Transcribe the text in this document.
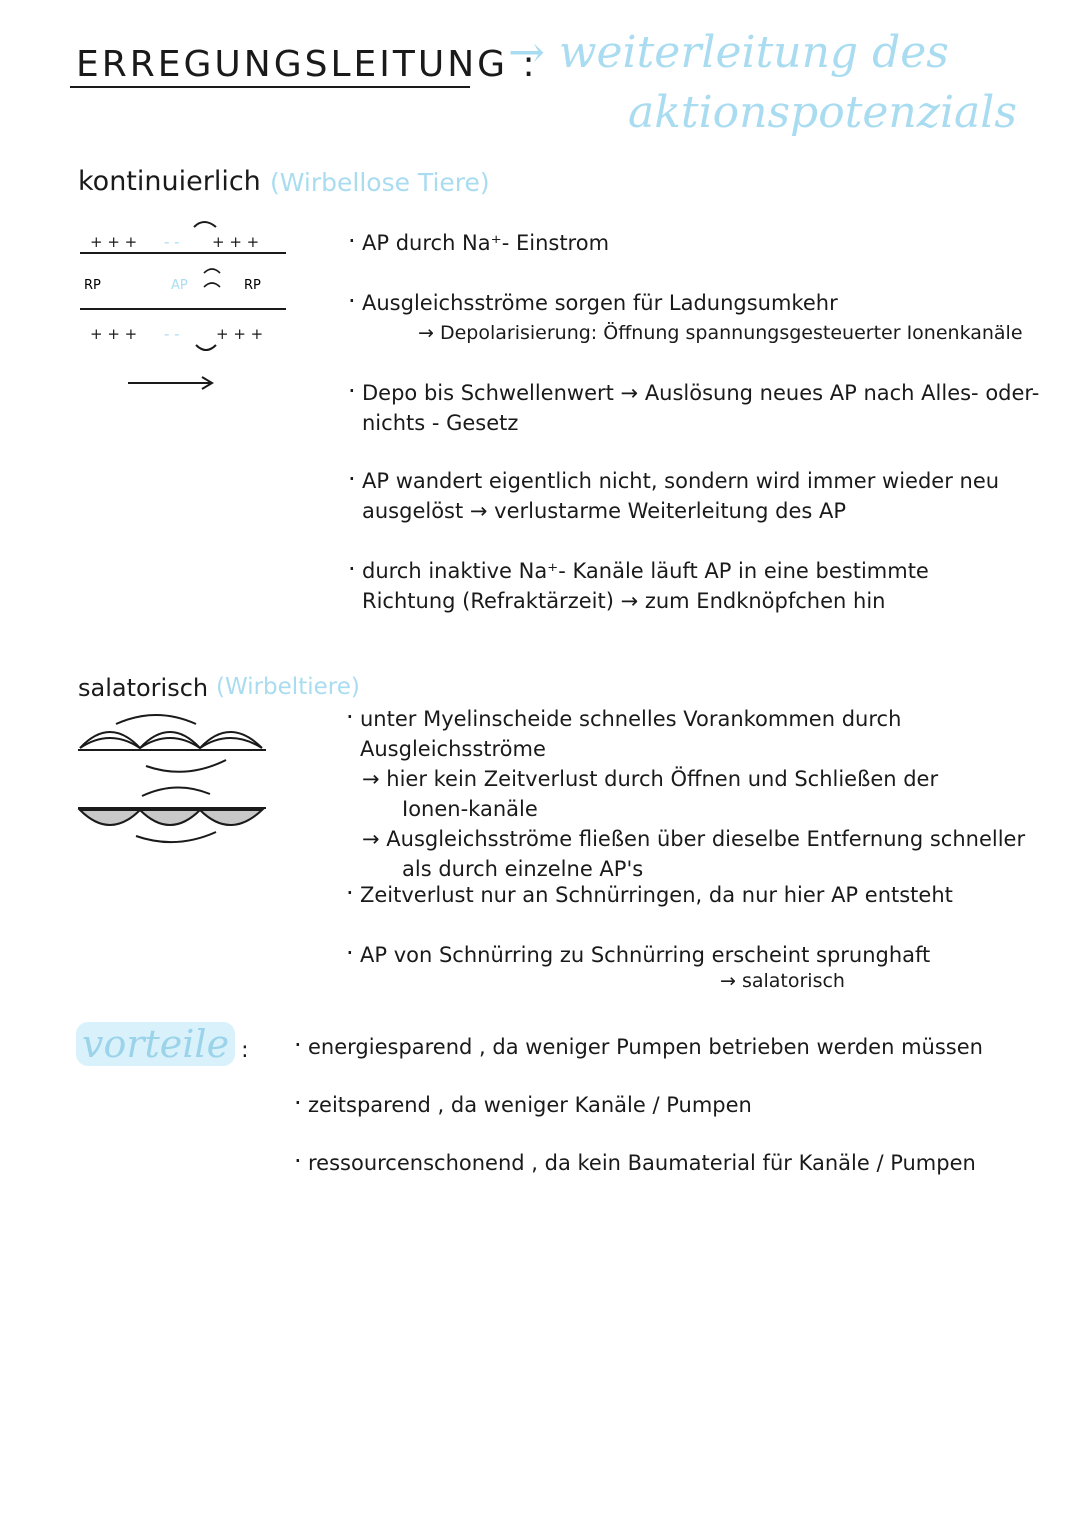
ERREGUNGSLEITUNG :
→ weiterleitung des
aktionspotenzials
kontinuierlich (Wirbellose Tiere)
+ + + - - + + +
+ + + - - + + +
RP	AP	RP
· AP durch Na⁺- Einstrom
· Ausgleichsströme sorgen für Ladungsumkehr
→ Depolarisierung: Öffnung spannungsgesteuerter Ionenkanäle
· Depo bis Schwellenwert → Auslösung neues AP nach Alles- oder-
nichts - Gesetz
· AP wandert eigentlich nicht, sondern wird immer wieder neu
ausgelöst → verlustarme Weiterleitung des AP
· durch inaktive Na⁺- Kanäle läuft AP in eine bestimmte
Richtung (Refraktärzeit) → zum Endknöpfchen hin
salatorisch (Wirbeltiere)
· unter Myelinscheide schnelles Vorankommen durch Ausgleichsströme
→ hier kein Zeitverlust durch Öffnen und Schließen der
Ionen-kanäle
→ Ausgleichsströme fließen über dieselbe Entfernung schneller
als durch einzelne AP's
· Zeitverlust nur an Schnürringen, da nur hier AP entsteht
· AP von Schnürring zu Schnürring erscheint sprunghaft
→ salatorisch
vorteile :
·	energiesparend , da weniger Pumpen betrieben werden müssen
· zeitsparend , da weniger Kanäle / Pumpen
· ressourcenschonend , da kein Baumaterial für Kanäle / Pumpen
